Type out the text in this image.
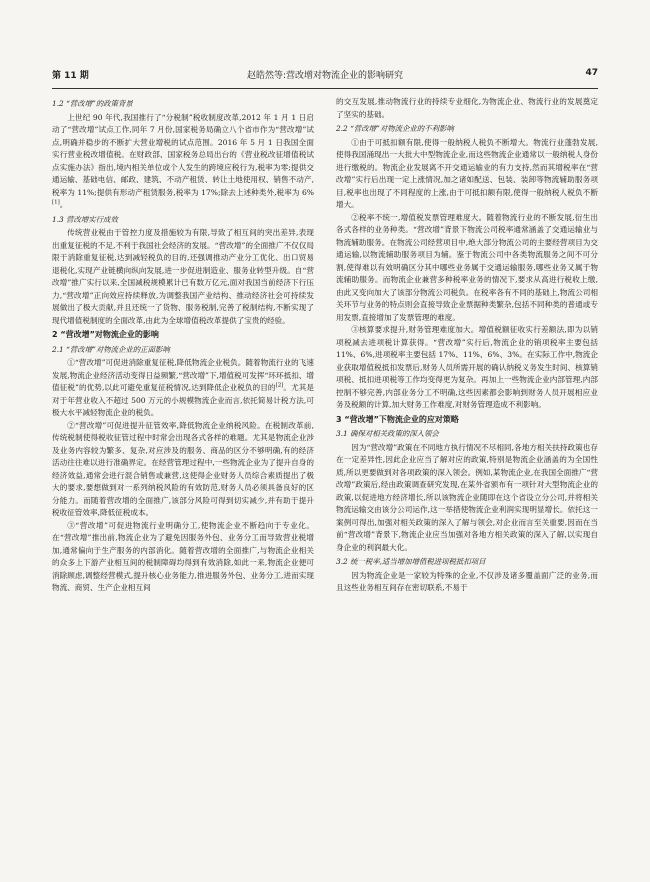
第 11 期	赵皓然等:营改增对物流企业的影响研究	47
1.2 “营改增”的政策背景

上世纪 90 年代,我国推行了“分税制”税收制度改革,2012 年 1 月 1 日启动了“营改增”试点工作,同年 7 月份,国家税务局确立八个省市作为“营改增”试点,明确并稳步的不断扩大营业增税的试点范围。2016 年 5 月 1 日我国全面实行营业税改增值税。在财政部、国家税务总局出台的《营业税改征增值税试点实施办法》指出,境内相关单位或个人发生的跨境应税行为,税率为零;提供交通运输、基础电信、邮政、建筑、不动产租赁、转让土地使用权、销售不动产,税率为 11%;提供有形动产租赁服务,税率为 17%;除去上述种类外,税率为 6%[1]。

1.3 营改增实行成效

传统营业税由于管控力度及措施较为有限,导致了相互间的突出差异,表现出重复征税的不足,不利于我国社会经济的发展。“营改增”的全面推广不仅仅局限于消除重复征税,达到减轻税负的目的,还强调推动产业分工优化、出口贸易退税化,实现产业链横向纵向发展,进一步促进制造业、服务业转型升级。自“营改增”推广实行以来,全国减税规模累计已有数万亿元,面对我国当前经济下行压力,“营改增”正向效应持续释放,为调整我国产业结构、推动经济社会可持续发展做出了极大贡献,并且还统一了货物、服务税制,完善了税制结构,不断实现了现代增值税制度的全面改革,由此为全球增值税改革提供了宝贵的经验。

2 “营改增”对物流企业的影响
2.1 “营改增”对物流企业的正面影响

①“营改增”可促进消除重复征税,降低物流企业税负。随着物流行业的飞速发展,物流企业经济活动变得日益频繁,“营改增”下,增值税可发挥“环环抵扣、增值征税”的优势,以此可避免重复征税情况,达到降低企业税负的目的[2]。尤其是对于年营业收入不超过 500 万元的小规模物流企业而言,依托简易计税方法,可极大水平减轻物流企业的税负。

②“营改增”可促进提升征管效率,降低物流企业纳税风险。在税制改革前,传统税制使得税收征管过程中时常会出现各式各样的难题。尤其是物流企业涉及业务内容较为繁多、复杂,对应涉及的服务、商品的区分不够明确,有的经济活动往往难以进行准确界定。在经营管理过程中,一些物流企业为了提升自身的经济效益,通常会进行混合销售或兼营,这使得企业财务人员综合素质提出了极大的要求,要想做到对一系列纳税风险的有效防范,财务人员必须具备良好的区分能力。而随着营改增的全面推广,该部分风险可得到切实减少,并有助于提升税收征管效率,降低征税成本。

③“营改增”可促进物流行业明确分工,使物流企业不断趋向于专业化。在“营改增”推出前,物流企业为了避免因服务外包、业务分工而导致营业税增加,通常偏向于生产服务的内部消化。随着营改增的全面推广,与物流企业相关的众多上下游产业相互间的税制障碍均得到有效消除,如此一来,物流企业便可消除顾虑,调整经营模式,提升核心业务能力,推进服务外包、业务分工,进而实现物流、商贸、生产企业相互间

的交互发展,推动物流行业的持续专业细化,为物流企业、物流行业的发展奠定了坚实的基础。

2.2 “营改增”对物流企业的不利影响

①由于可抵扣额有限,使得一般纳税人税负不断增大。物流行业蓬勃发展,使得我国涌现出一大批大中型物流企业,而这些物流企业通常以一般纳税人身份进行缴税的。物流企业发展离不开交通运输业的有力支持,然而其增税率在“营改增”实行后出现一定上涨情况,加之诸如配送、包装、装卸等物流辅助服务项目,税率也出现了不同程度的上涨,由于可抵扣额有限,使得一般纳税人税负不断增大。

②税率不统一,增值税发票管理难度大。随着物流行业的不断发展,衍生出各式各样的业务种类。“营改增”背景下物流公司税率通常涵盖了交通运输业与物流辅助服务。在物流公司经营项目中,绝大部分物流公司的主要经营项目为交通运输,以物流辅助服务项目为辅。鉴于物流公司中各类物流服务之间不可分割,使得难以有效明确区分其中哪些业务属于交通运输服务,哪些业务又属于物流辅助服务。而物流企业兼营多种税率业务的情况下,要求从高进行税收上缴,由此又变向加大了该部分物流公司税负。在税率各有不同的基础上,物流公司相关环节与业务的特点则会直接导致企业票据种类繁杂,包括不同种类的普通或专用发票,直接增加了发票管理的难度。

③核算要求提升,财务管理难度加大。增值税额征收实行差额法,即为以销项税减去进项税计算获得。“营改增”实行后,物流企业的销项税率主要包括 11%、6%,进项税率主要包括 17%、11%、6%、3%。在实际工作中,物流企业获取增值税抵扣发票后,财务人员所需开展的确认纳税义务发生时间、核算销项税、抵扣进项税等工作均变得更为复杂。再加上一些物流企业内部管理,内部控制不够完善,内部业务分工不明确,这些因素都会影响到财务人员开展相应业务及税额的计算,加大财务工作难度,对财务管理造成不利影响。

3 “营改增”下物流企业的应对策略
3.1 确保对相关政策的深入领会

因为“营改增”政策在不同地方执行情况不尽相同,各地方相关扶持政策也存在一定差异性,因此企业应当了解对应的政策,特别是物流企业涵盖的为全国性质,所以更要做到对各项政策的深入领会。例如,某物流企业,在我国全面推广“营改增”政策后,经由政策调查研究发现,在某外省颁布有一项针对大型物流企业的政策,以促进地方经济增长,所以该物流企业随即在这个省设立分公司,并将相关物流运输交由该分公司运作,这一举措使物流企业利润实现明显增长。依托这一案例可得出,加强对相关政策的深入了解与领会,对企业而言至关重要,因而在当前“营改增”背景下,物流企业应当加强对各地方相关政策的深入了解,以实现自身企业的利润最大化。

3.2 统一税率,适当增加增值税进项税抵扣项目

因为物流企业是一家较为特殊的企业,不仅涉及诸多覆盖面广泛的业务,而且这些业务相互间存在密切联系,不易于
